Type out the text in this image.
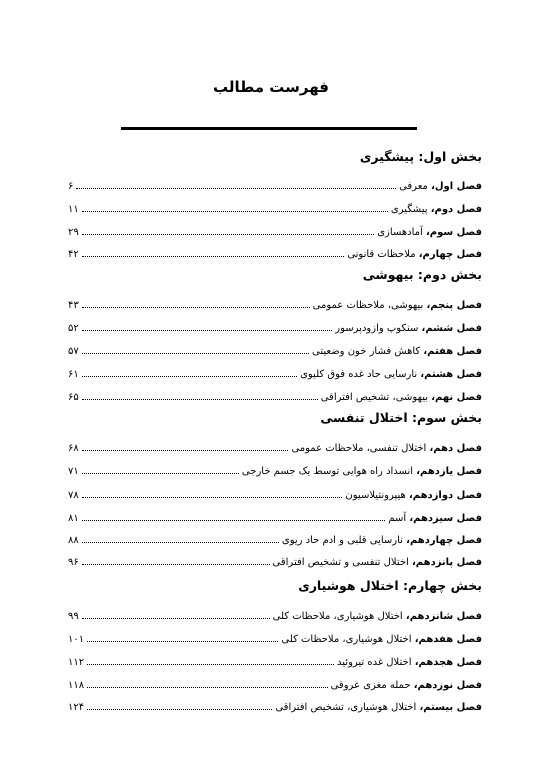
فهرست مطالب
بخش اول: پیشگیری
فصل اول، معرفی
۶
فصل دوم، پیشگیری
۱۱
فصل سوم، آمادهسازی
۲۹
فصل چهارم، ملاحظات قانونی
۴۲
بخش دوم: بیهوشی
فصل پنجم، بیهوشی، ملاحظات عمومی
۴۳
فصل ششم، سنکوپ وازودپرسور
۵۲
فصل هفتم، کاهش فشار خون وضعیتی
۵۷
فصل هشتم، نارسایی حاد غده فوق کلیوی
۶۱
فصل نهم، بیهوشی، تشخیص افتراقی
۶۵
بخش سوم: اختلال تنفسی
فصل دهم، اختلال تنفسی، ملاحظات عمومی
۶۸
فصل یازدهم، انسداد راه هوایی توسط یک جسم خارجی
۷۱
فصل دوازدهم، هیپرونتیلاسیون
۷۸
فصل سیزدهم، آسم
۸۱
فصل چهاردهم، نارسایی قلبی و ادم حاد ریوی
۸۸
فصل پانزدهم، اختلال تنفسی و تشخیص افتراقی
۹۶
بخش چهارم: اختلال هوشیاری
فصل شانزدهم، اختلال هوشیاری، ملاحظات کلی
۹۹
فصل هفدهم، اختلال هوشیاری، ملاحظات کلی
۱۰۱
فصل هجدهم، اختلال غده تیروئید
۱۱۲
فصل نوزدهم، حمله مغزی عروقی
۱۱۸
فصل بیستم، اختلال هوشیاری، تشخیص افتراقی
۱۲۴
